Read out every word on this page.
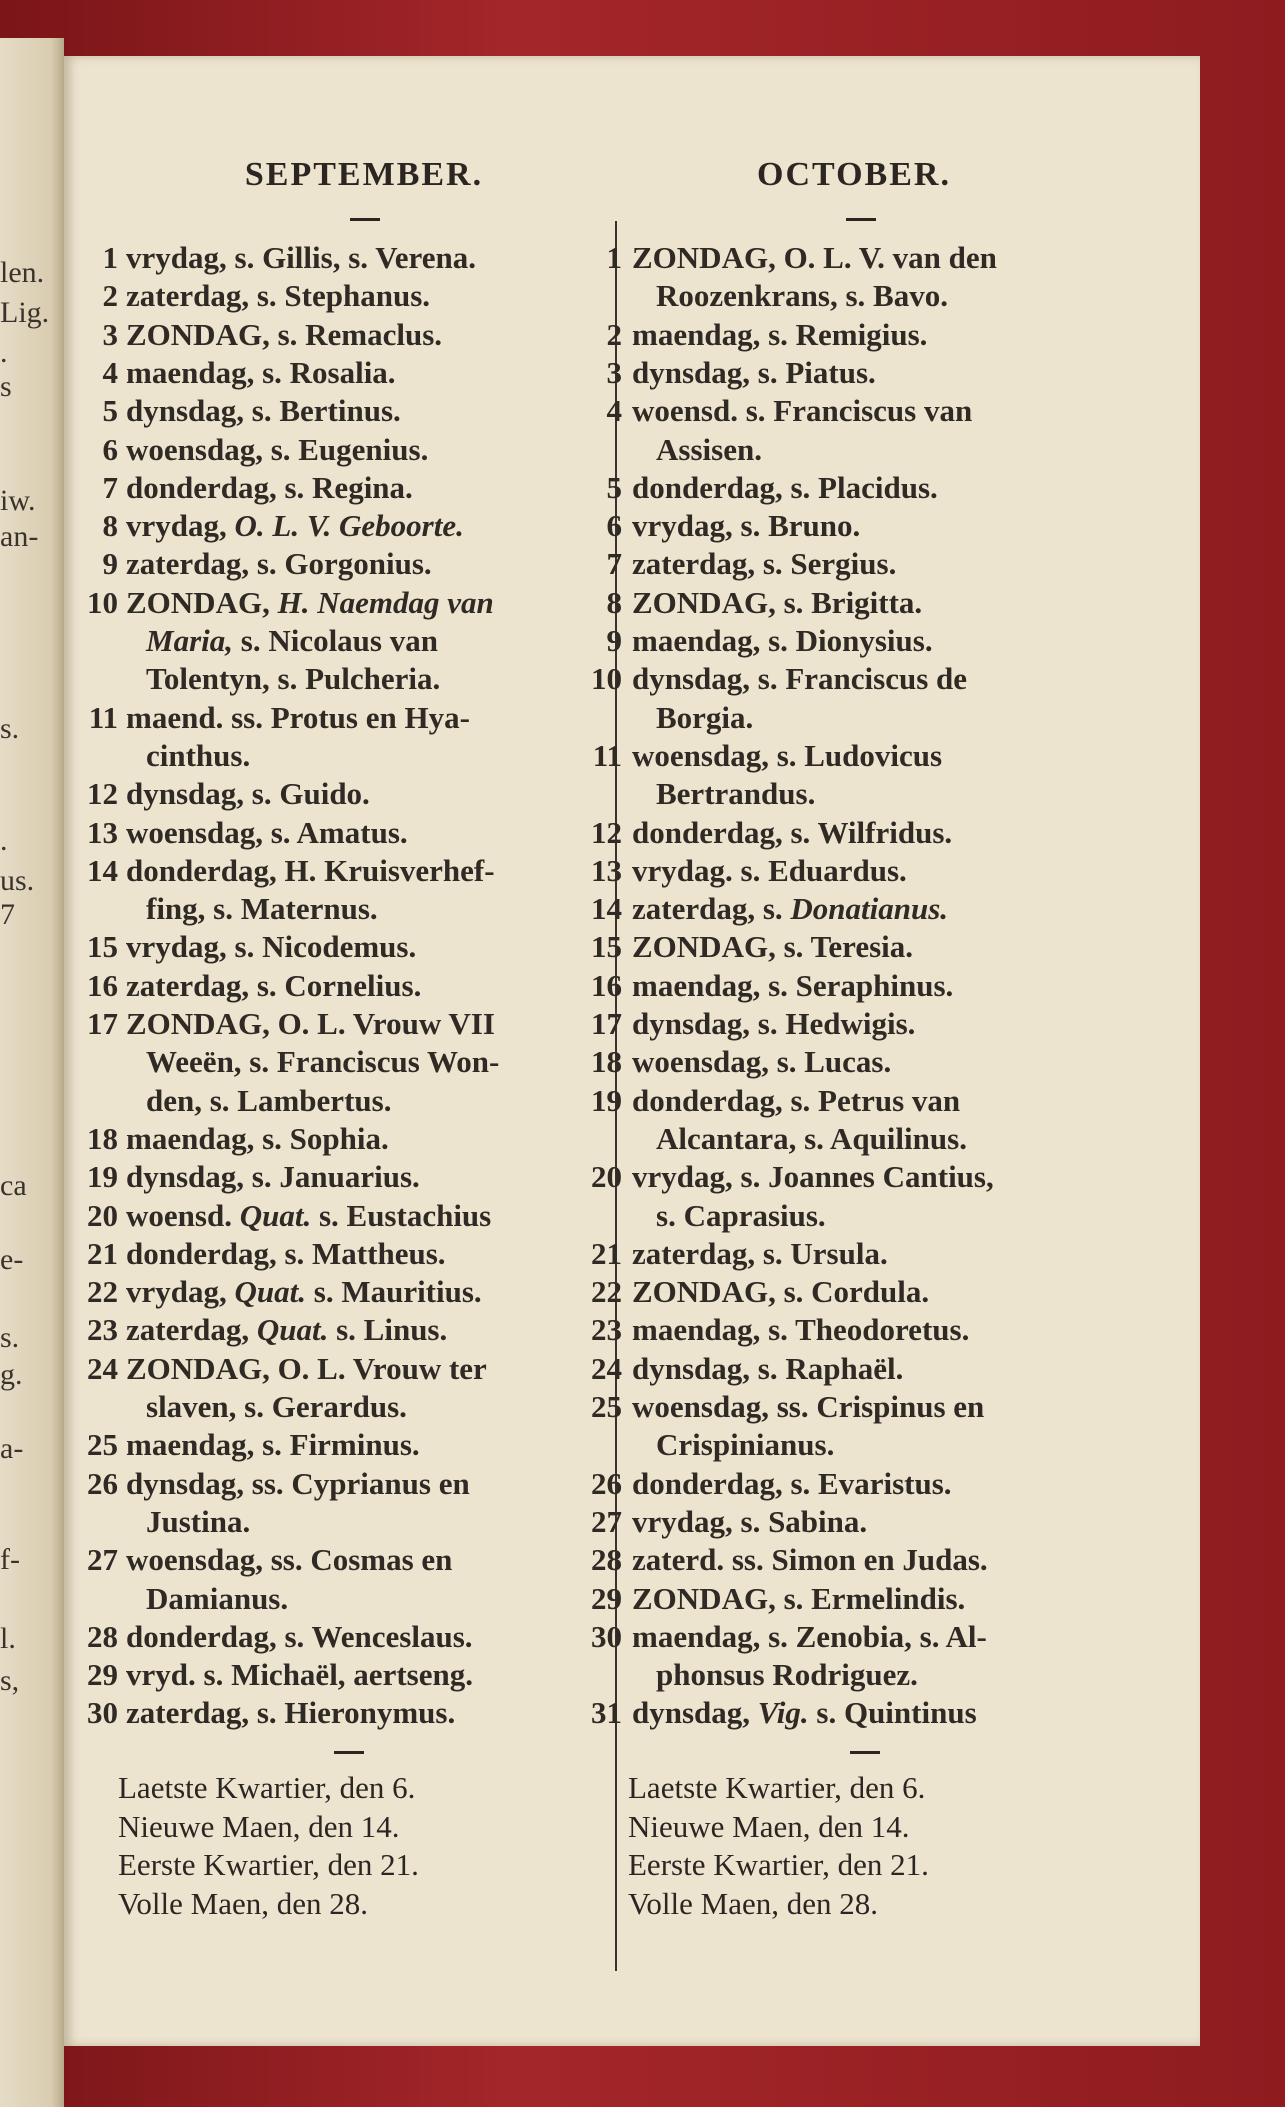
SEPTEMBER.	OCTOBER.
1 vrydag, s. Gillis, s. Verena.
2 zaterdag, s. Stephanus.
3 ZONDAG, s. Remaclus.
4 maendag, s. Rosalia.
5 dynsdag, s. Bertinus.
6 woensdag, s. Eugenius.
7 donderdag, s. Regina.
8 vrydag, O. L. V. Geboorte.
9 zaterdag, s. Gorgonius.
10 ZONDAG, H. Naemdag van
Maria, s. Nicolaus van
Tolentyn, s. Pulcheria.
11 maend. ss. Protus en Hya-
cinthus.
12 dynsdag, s. Guido.
13 woensdag, s. Amatus.
14 donderdag, H. Kruisverhef-
fing, s. Maternus.
15 vrydag, s. Nicodemus.
16 zaterdag, s. Cornelius.
17 ZONDAG, O. L. Vrouw VII
Weeën, s. Franciscus Won-
den, s. Lambertus.
18 maendag, s. Sophia.
19 dynsdag, s. Januarius.
20 woensd. Quat. s. Eustachius
21 donderdag, s. Mattheus.
22 vrydag, Quat. s. Mauritius.
23 zaterdag, Quat. s. Linus.
24 ZONDAG, O. L. Vrouw ter
slaven, s. Gerardus.
25 maendag, s. Firminus.
26 dynsdag, ss. Cyprianus en
Justina.
27 woensdag, ss. Cosmas en
Damianus.
28 donderdag, s. Wenceslaus.
29 vryd. s. Michaël, aertseng.
30 zaterdag, s. Hieronymus.
1 ZONDAG, O. L. V. van den
Roozenkrans, s. Bavo.
2 maendag, s. Remigius.
3 dynsdag, s. Piatus.
4 woensd. s. Franciscus van
Assisen.
5 donderdag, s. Placidus.
6 vrydag, s. Bruno.
7 zaterdag, s. Sergius.
8 ZONDAG, s. Brigitta.
9 maendag, s. Dionysius.
10 dynsdag, s. Franciscus de
Borgia.
11 woensdag, s. Ludovicus
Bertrandus.
12 donderdag, s. Wilfridus.
13 vrydag. s. Eduardus.
14 zaterdag, s. Donatianus.
15 ZONDAG, s. Teresia.
16 maendag, s. Seraphinus.
17 dynsdag, s. Hedwigis.
18 woensdag, s. Lucas.
19 donderdag, s. Petrus van
Alcantara, s. Aquilinus.
20 vrydag, s. Joannes Cantius,
s. Caprasius.
21 zaterdag, s. Ursula.
22 ZONDAG, s. Cordula.
23 maendag, s. Theodoretus.
24 dynsdag, s. Raphaël.
25 woensdag, ss. Crispinus en
Crispinianus.
26 donderdag, s. Evaristus.
27 vrydag, s. Sabina.
28 zaterd. ss. Simon en Judas.
29 ZONDAG, s. Ermelindis.
30 maendag, s. Zenobia, s. Al-
phonsus Rodriguez.
31 dynsdag, Vig. s. Quintinus
Laetste Kwartier, den 6.
Nieuwe Maen, den 14.
Eerste Kwartier, den 21.
Volle Maen, den 28.
Laetste Kwartier, den 6.
Nieuwe Maen, den 14.
Eerste Kwartier, den 21.
Volle Maen, den 28.
len.
Lig.
.
s
iw.
an-
s.
.
us.
7
ca
e-
s.
g.
a-
f-
l.
s,
